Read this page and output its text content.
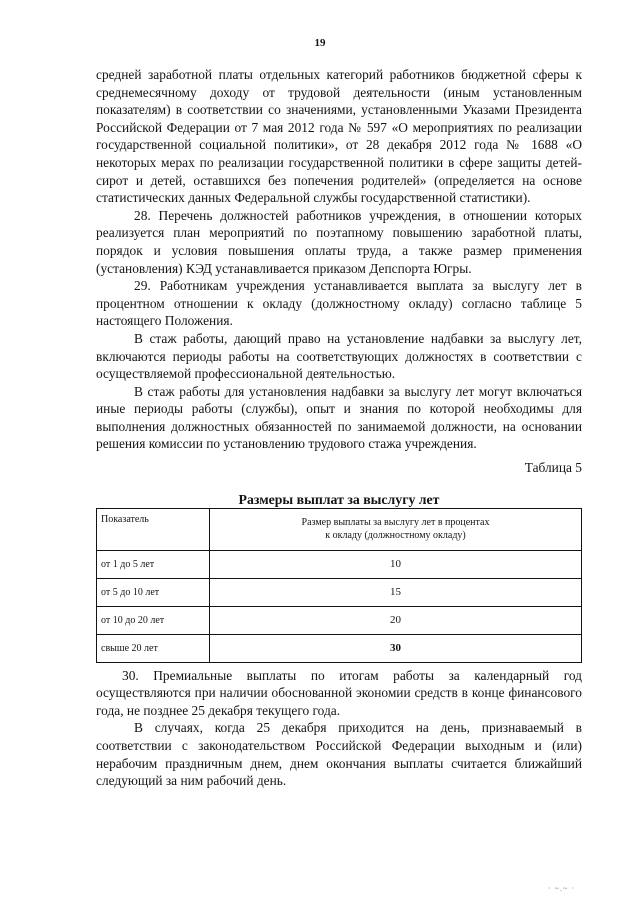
19

средней заработной платы отдельных категорий работников бюджетной сферы к среднемесячному доходу от трудовой деятельности (иным установленным показателям) в соответствии со значениями, установленными Указами Президента Российской Федерации от 7 мая 2012 года № 597 «О мероприятиях по реализации государственной социальной политики», от 28 декабря 2012 года № 1688 «О некоторых мерах по реализации государственной политики в сфере защиты детей-сирот и детей, оставшихся без попечения родителей» (определяется на основе статистических данных Федеральной службы государственной статистики).

28. Перечень должностей работников учреждения, в отношении которых реализуется план мероприятий по поэтапному повышению заработной платы, порядок и условия повышения оплаты труда, а также размер применения (установления) КЭД устанавливается приказом Депспорта Югры.

29. Работникам учреждения устанавливается выплата за выслугу лет в процентном отношении к окладу (должностному окладу) согласно таблице 5 настоящего Положения.

В стаж работы, дающий право на установление надбавки за выслугу лет, включаются периоды работы на соответствующих должностях в соответствии с осуществляемой профессиональной деятельностью.

В стаж работы для установления надбавки за выслугу лет могут включаться иные периоды работы (службы), опыт и знания по которой необходимы для выполнения должностных обязанностей по занимаемой должности, на основании решения комиссии по установлению трудового стажа учреждения.

Таблица 5

Размеры выплат за выслугу лет

Показатель	Размер выплаты за выслугу лет в процентах
к окладу (должностному окладу)
от 1 до 5 лет	10
от 5 до 10 лет	15
от 10 до 20 лет	20
свыше 20 лет	30

30. Премиальные выплаты по итогам работы за календарный год осуществляются при наличии обоснованной экономии средств в конце финансового года, не позднее 25 декабря текущего года.

В случаях, когда 25 декабря приходится на день, признаваемый в соответствии с законодательством Российской Федерации выходным и (или) нерабочим праздничным днем, днем окончания выплаты считается ближайший следующий за ним рабочий день.

· ~.~ ·
